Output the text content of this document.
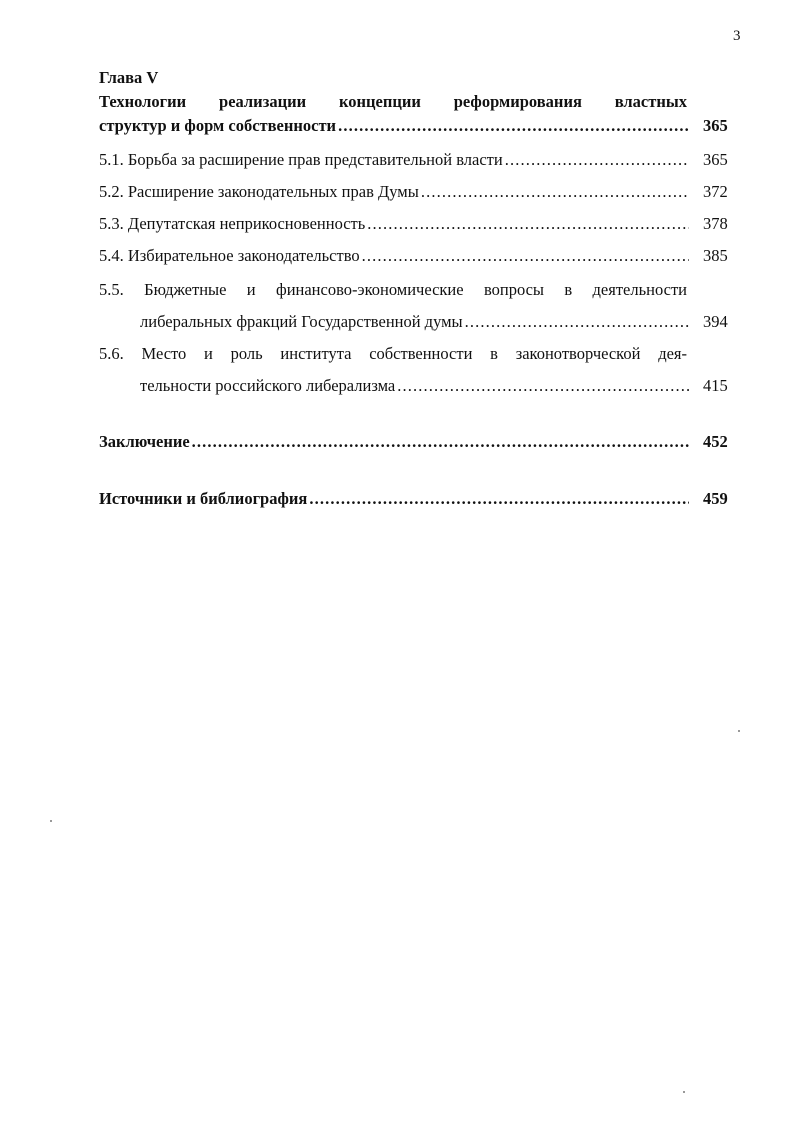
3
Глава V
Технологии реализации концепции реформирования властных
структур и форм собственности . . .	365
5.1. Борьба за расширение прав представительной власти . . .	365
5.2. Расширение законодательных прав Думы . . .	372
5.3. Депутатская неприкосновенность . . .	378
5.4. Избирательное законодательство . . .	385
5.5. Бюджетные и финансово-экономические вопросы в деятельности
либеральных фракций Государственной думы . . .	394
5.6. Место и роль института собственности в законотворческой дея-
тельности российского либерализма . . .	415
Заключение . . .	452
Источники и библиография . . .	459
